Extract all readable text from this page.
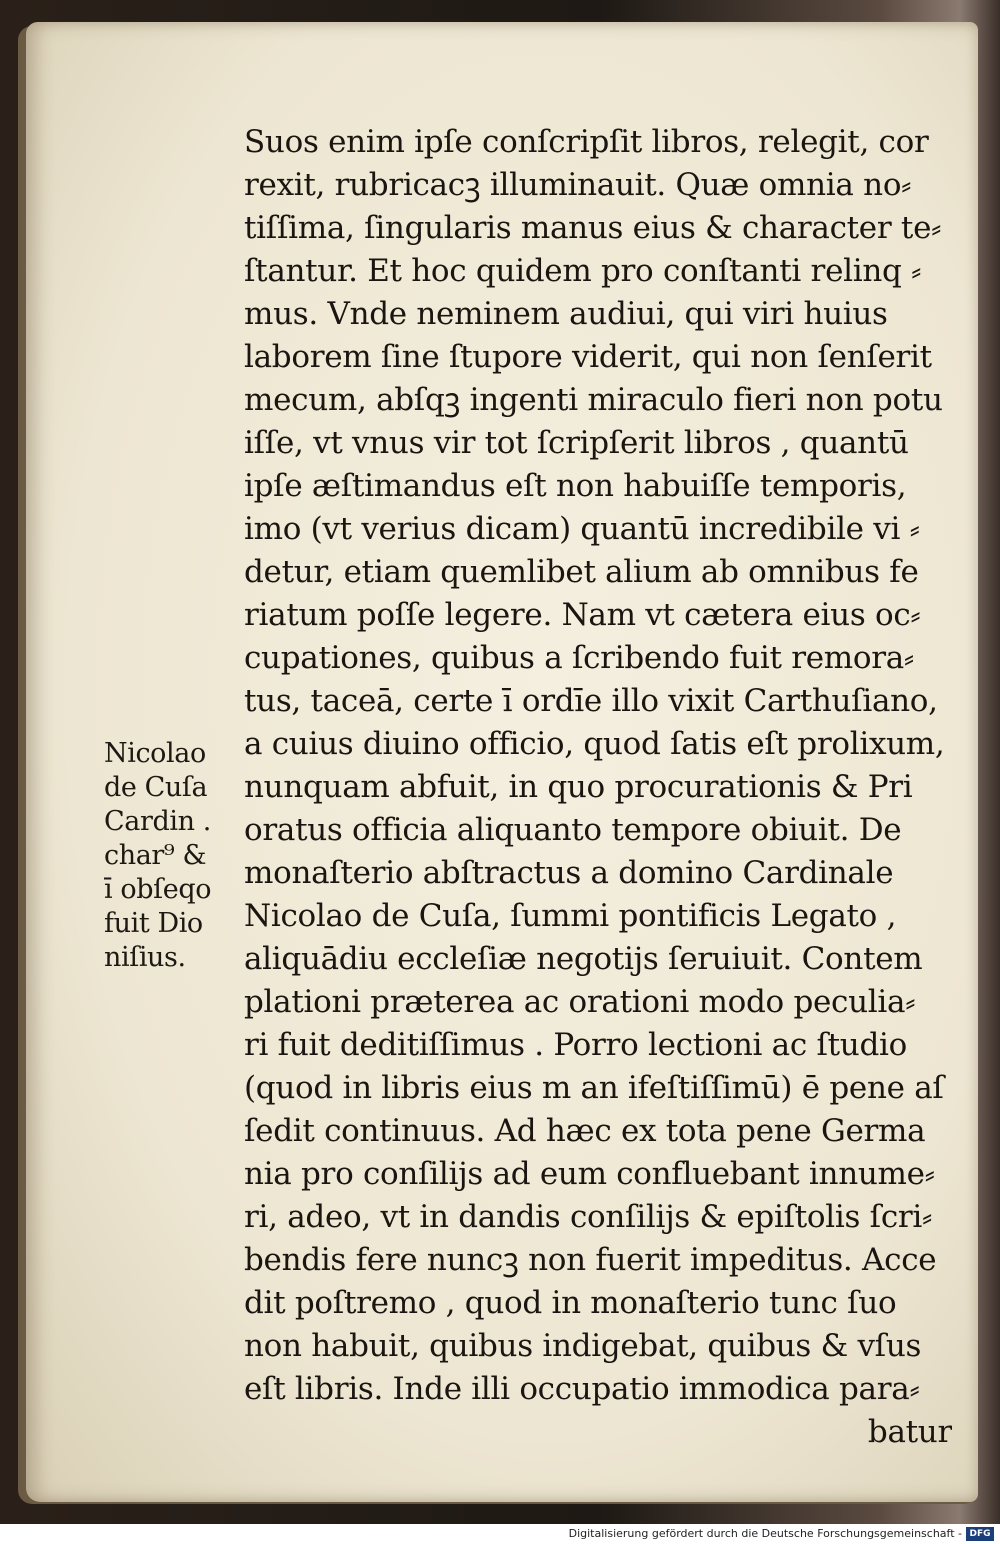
Suos enim ipſe conſcripſit libros, relegit, cor

rexit, rubricacꝫ illuminauit. Quæ omnia no⸗

tiſſima, ſingularis manus eius & character te⸗

ſtantur. Et hoc quidem pro conſtanti relinq ⸗

mus. Vnde neminem audiui, qui viri huius

laborem ſine ſtupore viderit, qui non ſenſerit

mecum, abſqꝫ ingenti miraculo fieri non potu

iſſe, vt vnus vir tot ſcripſerit libros , quantū

ipſe æſtimandus eſt non habuiſſe temporis,

imo (vt verius dicam) quantū incredibile vi ⸗

detur, etiam quemlibet alium ab omnibus fe

riatum poſſe legere. Nam vt cætera eius oc⸗

cupationes, quibus a ſcribendo fuit remora⸗

tus, taceā, certe ī ordīe illo vixit Carthuſiano,

a cuius diuino officio, quod ſatis eſt prolixum,

nunquam abfuit, in quo procurationis & Pri

oratus officia aliquanto tempore obiuit. De

monaſterio abſtractus a domino Cardinale

Nicolao de Cuſa, ſummi pontificis Legato ,

aliquādiu eccleſiæ negotijs ſeruiuit. Contem

plationi præterea ac orationi modo peculia⸗

ri fuit deditiſſimus . Porro lectioni ac ſtudio

(quod in libris eius m an ifeſtiſſimū) ē pene aſ

ſedit continuus. Ad hæc ex tota pene Germa

nia pro conſilijs ad eum confluebant innume⸗

ri, adeo, vt in dandis conſilijs & epiſtolis ſcri⸗

bendis fere nuncꝫ non fuerit impeditus. Acce

dit poſtremo , quod in monaſterio tunc ſuo

non habuit, quibus indigebat, quibus & vſus

eſt libris. Inde illi occupatio immodica para⸗

batur

Nicolao
de Cuſa
Cardin .
char⁹ &
ī obſeqo
fuit Dio
niſius.
Digitalisierung gefördert durch die Deutsche Forschungsgemeinschaft - DFG
